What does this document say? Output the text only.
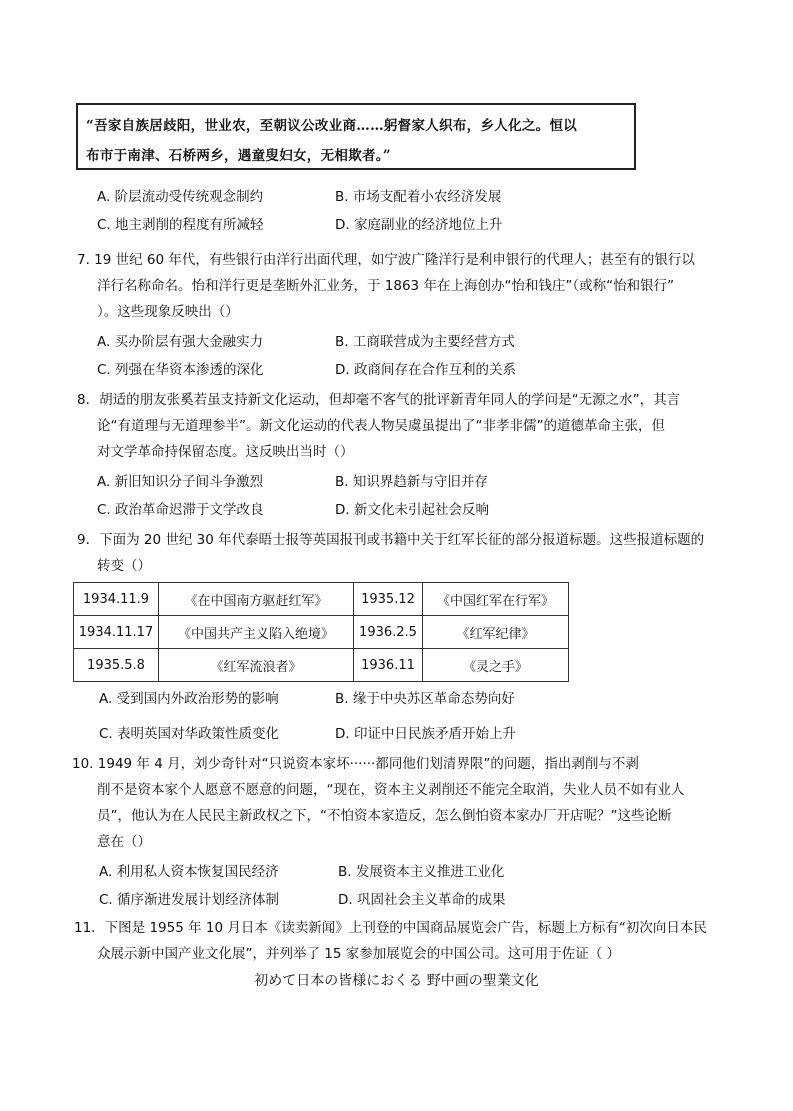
“吾家自族居歧阳，世业农，至朝议公改业商……躬督家人织布，乡人化之。恒以
布市于南津、石桥两乡，遇童叟妇女，无相欺者。”
A. 阶层流动受传统观念制约	B. 市场支配着小农经济发展
C. 地主剥削的程度有所减轻	D. 家庭副业的经济地位上升
7. 19 世纪 60 年代，有些银行由洋行出面代理，如宁波广隆洋行是利申银行的代理人；甚至有的银行以
洋行名称命名。怡和洋行更是垄断外汇业务，于 1863 年在上海创办“怡和钱庄”（或称“怡和银行”
）。这些现象反映出（）
A. 买办阶层有强大金融实力	B. 工商联营成为主要经营方式
C. 列强在华资本渗透的深化	D. 政商间存在合作互利的关系
8．胡适的朋友张奚若虽支持新文化运动，但却毫不客气的批评新青年同人的学问是“无源之水”，其言
论“有道理与无道理参半”。新文化运动的代表人物吴虞虽提出了“非孝非儒”的道德革命主张，但
对文学革命持保留态度。这反映出当时（）
A. 新旧知识分子间斗争激烈	B. 知识界趋新与守旧并存
C. 政治革命迟滞于文学改良	D. 新文化未引起社会反响
9．下面为 20 世纪 30 年代泰晤士报等英国报刊或书籍中关于红军长征的部分报道标题。这些报道标题的
转变（）
1934.11.9	《在中国南方驱赶红军》	1935.12	《中国红军在行军》
1934.11.17	《中国共产主义陷入绝境》	1936.2.5	《红军纪律》
1935.5.8	《红军流浪者》	1936.11	《灵之手》
A. 受到国内外政治形势的影响	B. 缘于中央苏区革命态势向好
C. 表明英国对华政策性质变化	D. 印证中日民族矛盾开始上升
10. 1949 年 4 月，刘少奇针对“只说资本家坏······都同他们划清界限”的问题，指出剥削与不剥
削不是资本家个人愿意不愿意的问题，“现在，资本主义剥削还不能完全取消，失业人员不如有业人
员”，他认为在人民民主新政权之下，“不怕资本家造反，怎么倒怕资本家办厂开店呢？”这些论断
意在（）
A. 利用私人资本恢复国民经济	B. 发展资本主义推进工业化
C. 循序渐进发展计划经济体制	D. 巩固社会主义革命的成果
11．下图是 1955 年 10 月日本《读卖新闻》上刊登的中国商品展览会广告，标题上方标有“初次向日本民
众展示新中国产业文化展”，并列举了 15 家参加展览会的中国公司。这可用于佐证（ ）
初めて日本の皆様におくる 野中画の聖業文化
